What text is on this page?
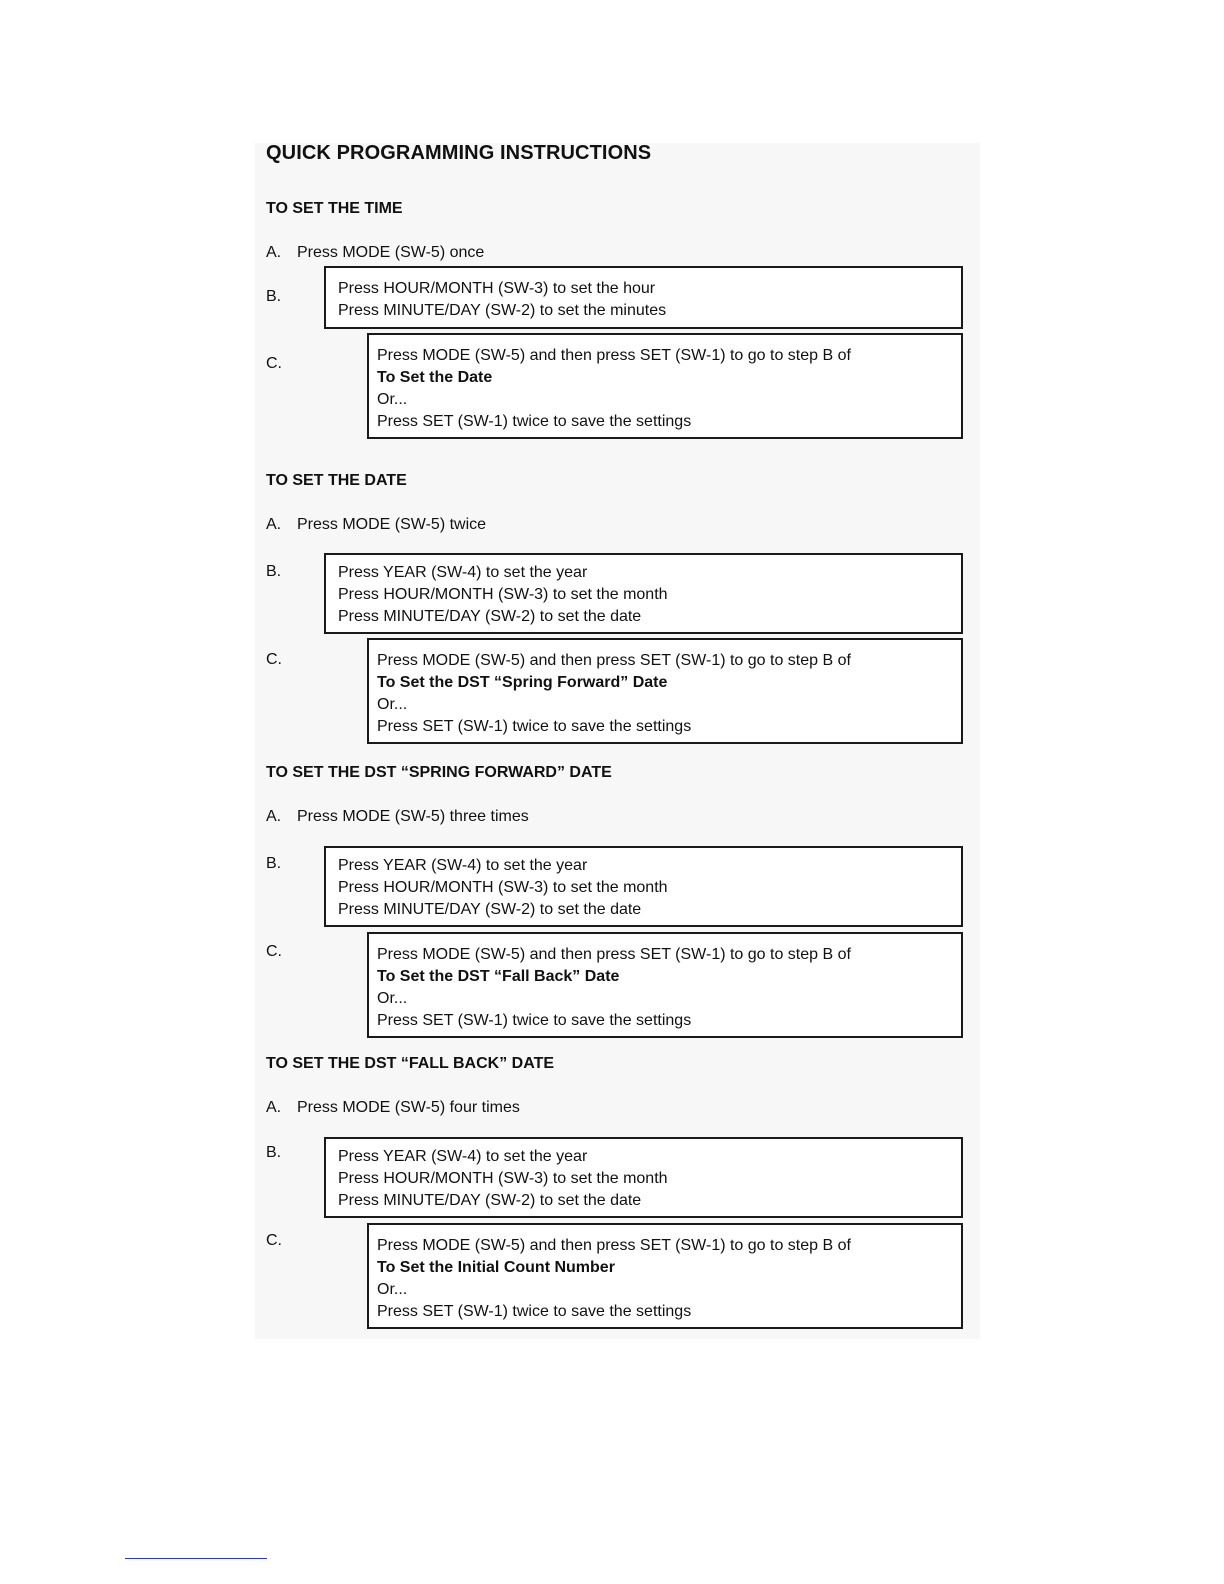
QUICK PROGRAMMING INSTRUCTIONS
TO SET THE TIME
A. Press MODE (SW-5) once
B.	Press HOUR/MONTH (SW-3) to set the hour
Press MINUTE/DAY (SW-2) to set the minutes
C.	Press MODE (SW-5) and then press SET (SW-1) to go to step B of
To Set the Date
Or...
Press SET (SW-1) twice to save the settings
TO SET THE DATE
A. Press MODE (SW-5) twice
B.	Press YEAR (SW-4) to set the year
Press HOUR/MONTH (SW-3) to set the month
Press MINUTE/DAY (SW-2) to set the date
C.	Press MODE (SW-5) and then press SET (SW-1) to go to step B of
To Set the DST “Spring Forward” Date
Or...
Press SET (SW-1) twice to save the settings
TO SET THE DST “SPRING FORWARD” DATE
A. Press MODE (SW-5) three times
B.	Press YEAR (SW-4) to set the year
Press HOUR/MONTH (SW-3) to set the month
Press MINUTE/DAY (SW-2) to set the date
C.	Press MODE (SW-5) and then press SET (SW-1) to go to step B of
To Set the DST “Fall Back” Date
Or...
Press SET (SW-1) twice to save the settings
TO SET THE DST “FALL BACK” DATE
A. Press MODE (SW-5) four times
B.	Press YEAR (SW-4) to set the year
Press HOUR/MONTH (SW-3) to set the month
Press MINUTE/DAY (SW-2) to set the date
C.	Press MODE (SW-5) and then press SET (SW-1) to go to step B of
To Set the Initial Count Number
Or...
Press SET (SW-1) twice to save the settings
